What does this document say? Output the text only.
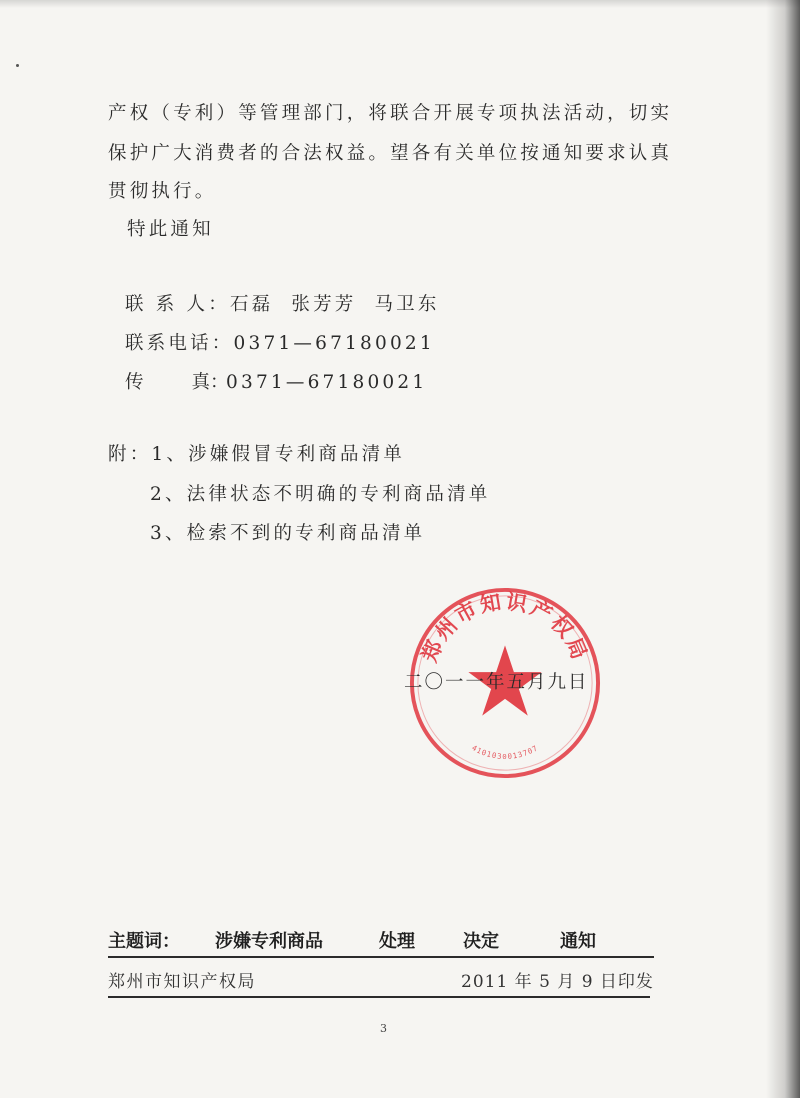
产权（专利）等管理部门，将联合开展专项执法活动，切实
保护广大消费者的合法权益。望各有关单位按通知要求认真
贯彻执行。
特此通知
联 系 人：石磊 张芳芳 马卫东
联系电话：0371—67180021
传	真：0371—67180021
附：1、涉嫌假冒专利商品清单
2、法律状态不明确的专利商品清单
3、检索不到的专利商品清单
郑州市知识产权局
4101030013707
二〇一一年五月九日
主题词： 涉嫌专利商品	处理	决定	通知
郑州市知识产权局	2011 年 5 月 9 日印发
3
